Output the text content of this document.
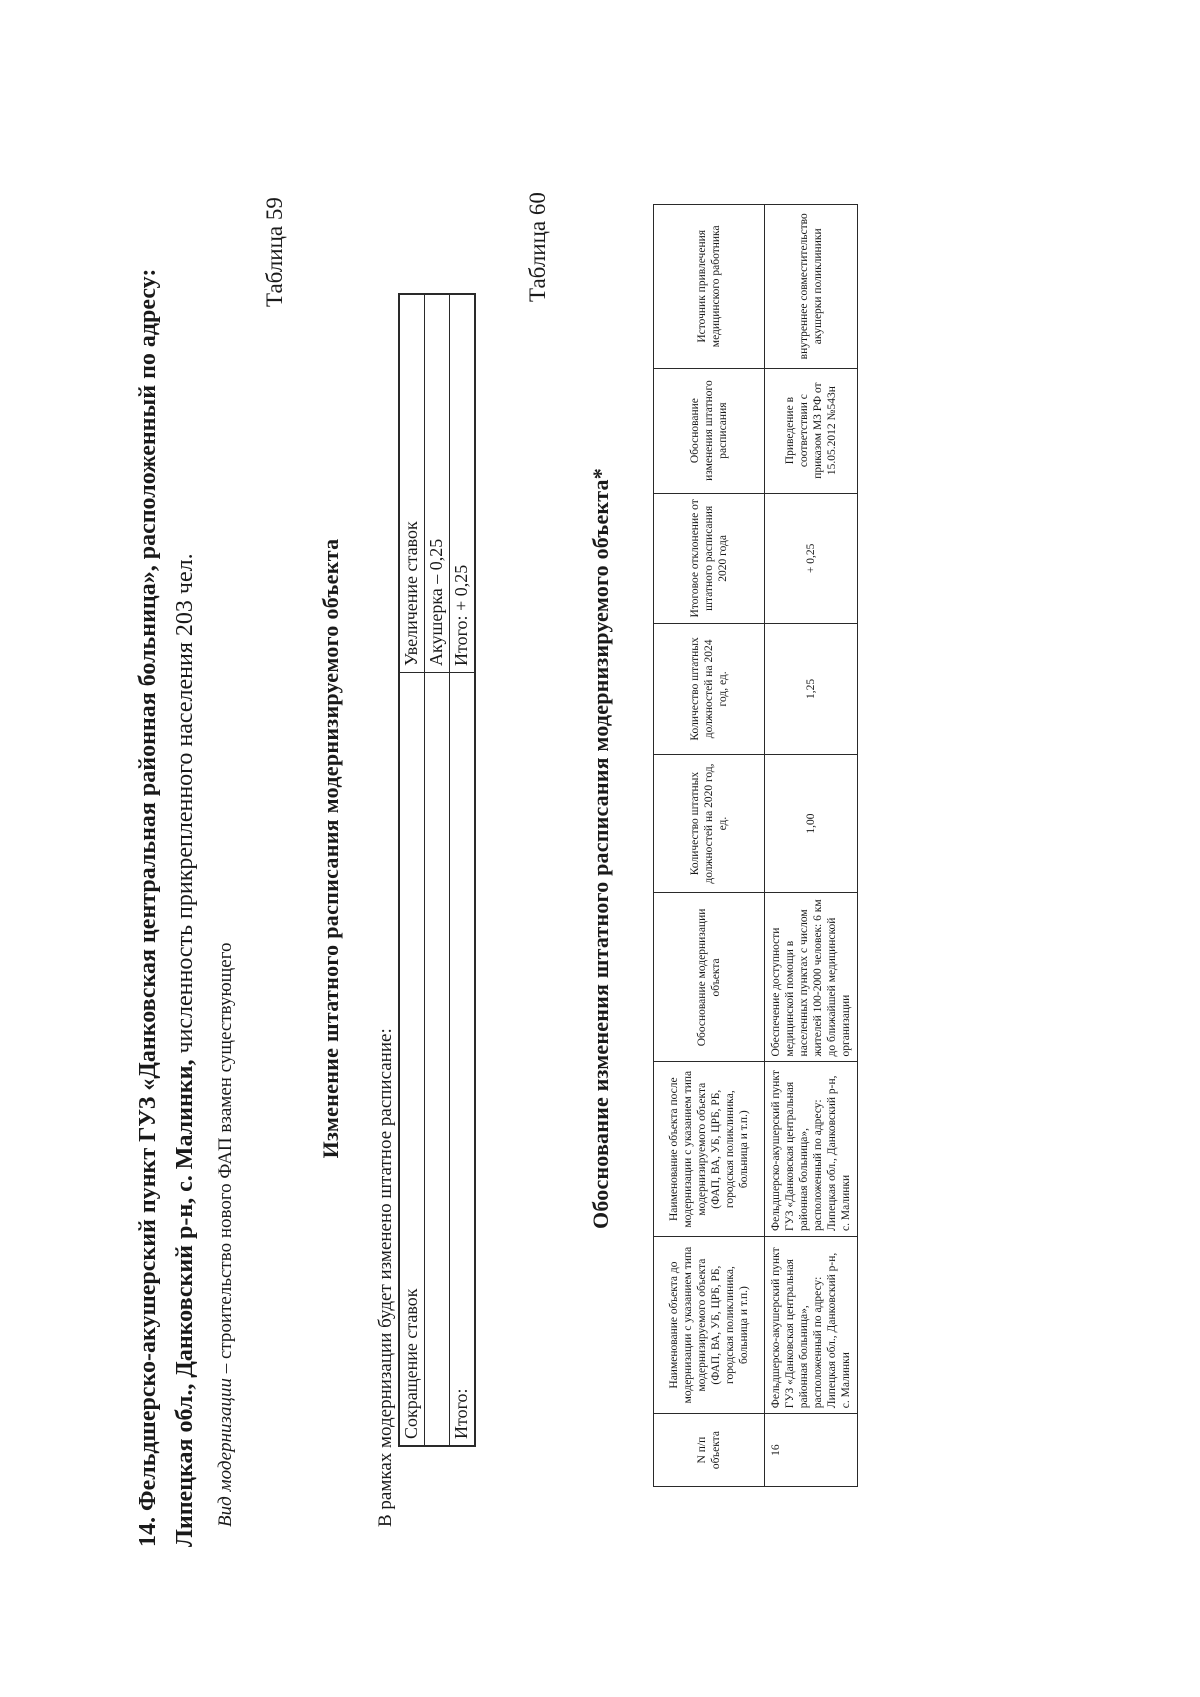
14. Фельдшерско-акушерский пункт ГУЗ «Данковская центральная районная больница», расположенный по адресу: Липецкая обл., Данковский р-н, с. Малинки, численность прикрепленного населения 203 чел.
Вид модернизации – строительство нового ФАП взамен существующего
Таблица 59
Изменение штатного расписания модернизируемого объекта
В рамках модернизации будет изменено штатное расписание: Сокращение ставок	Увеличение ставок
	Акушерка – 0,25
Итого:	Итого: + 0,25
Таблица 60
Обоснование изменения штатного расписания модернизируемого объекта*
N п/п объекта	Наименование объекта до модернизации с указанием типа модернизируемого объекта (ФАП, ВА, УБ, ЦРБ, РБ, городская поликлиника, больница и т.п.)	Наименование объекта после модернизации с указанием типа модернизируемого объекта (ФАП, ВА, УБ, ЦРБ, РБ, городская поликлиника, больница и т.п.)	Обоснование модернизации объекта	Количество штатных должностей на 2020 год, ед.	Количество штатных должностей на 2024 год, ед.	Итоговое отклонение от штатного расписания 2020 года	Обоснование изменения штатного расписания	Источник привлечения медицинского работника
16	Фельдшерско-акушерский пункт ГУЗ «Данковская центральная районная больница», расположенный по адресу: Липецкая обл., Данковский р-н, с. Малинки	Фельдшерско-акушерский пункт ГУЗ «Данковская центральная районная больница», расположенный по адресу: Липецкая обл., Данковский р-н, с. Малинки	Обеспечение доступности медицинской помощи в населенных пунктах с числом жителей 100-2000 человек: 6 км до ближайшей медицинской организации	1,00	1,25	+ 0,25	Приведение в соответствии с приказом МЗ РФ от 15.05.2012 №543н	внутреннее совместительство акушерки поликлиники
